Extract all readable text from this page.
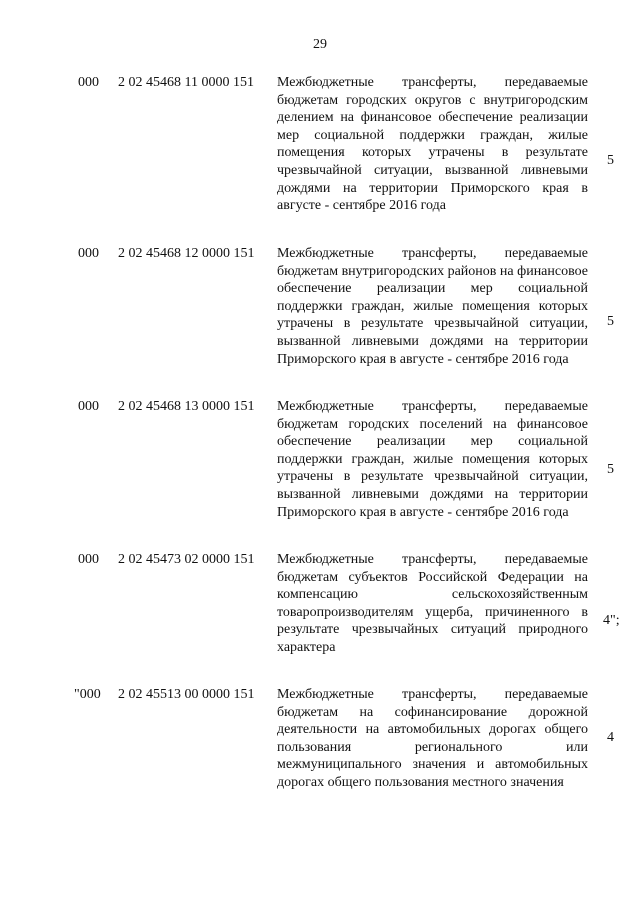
29
000 2 02 45468 11 0000 151 Межбюджетные трансферты, передаваемые бюджетам городских округов с внутригородским делением на финансовое обеспечение реализации мер социальной поддержки граждан, жилые помещения которых утрачены в результате чрезвычайной ситуации, вызванной ливневыми дождями на территории Приморского края в августе - сентябре 2016 года
5
000 2 02 45468 12 0000 151 Межбюджетные трансферты, передаваемые бюджетам внутригородских районов на финансовое обеспечение реализации мер социальной поддержки граждан, жилые помещения которых утрачены в результате чрезвычайной ситуации, вызванной ливневыми дождями на территории Приморского края в августе - сентябре 2016 года
5
000 2 02 45468 13 0000 151 Межбюджетные трансферты, передаваемые бюджетам городских поселений на финансовое обеспечение реализации мер социальной поддержки граждан, жилые помещения которых утрачены в результате чрезвычайной ситуации, вызванной ливневыми дождями на территории Приморского края в августе - сентябре 2016 года
5
000 2 02 45473 02 0000 151 Межбюджетные трансферты, передаваемые бюджетам субъектов Российской Федерации на компенсацию сельскохозяйственным товаропроизводителям ущерба, причиненного в результате чрезвычайных ситуаций природного характера
4";
"000 2 02 45513 00 0000 151 Межбюджетные трансферты, передаваемые бюджетам на софинансирование дорожной деятельности на автомобильных дорогах общего пользования регионального или межмуниципального значения и автомобильных дорогах общего пользования местного значения
4
